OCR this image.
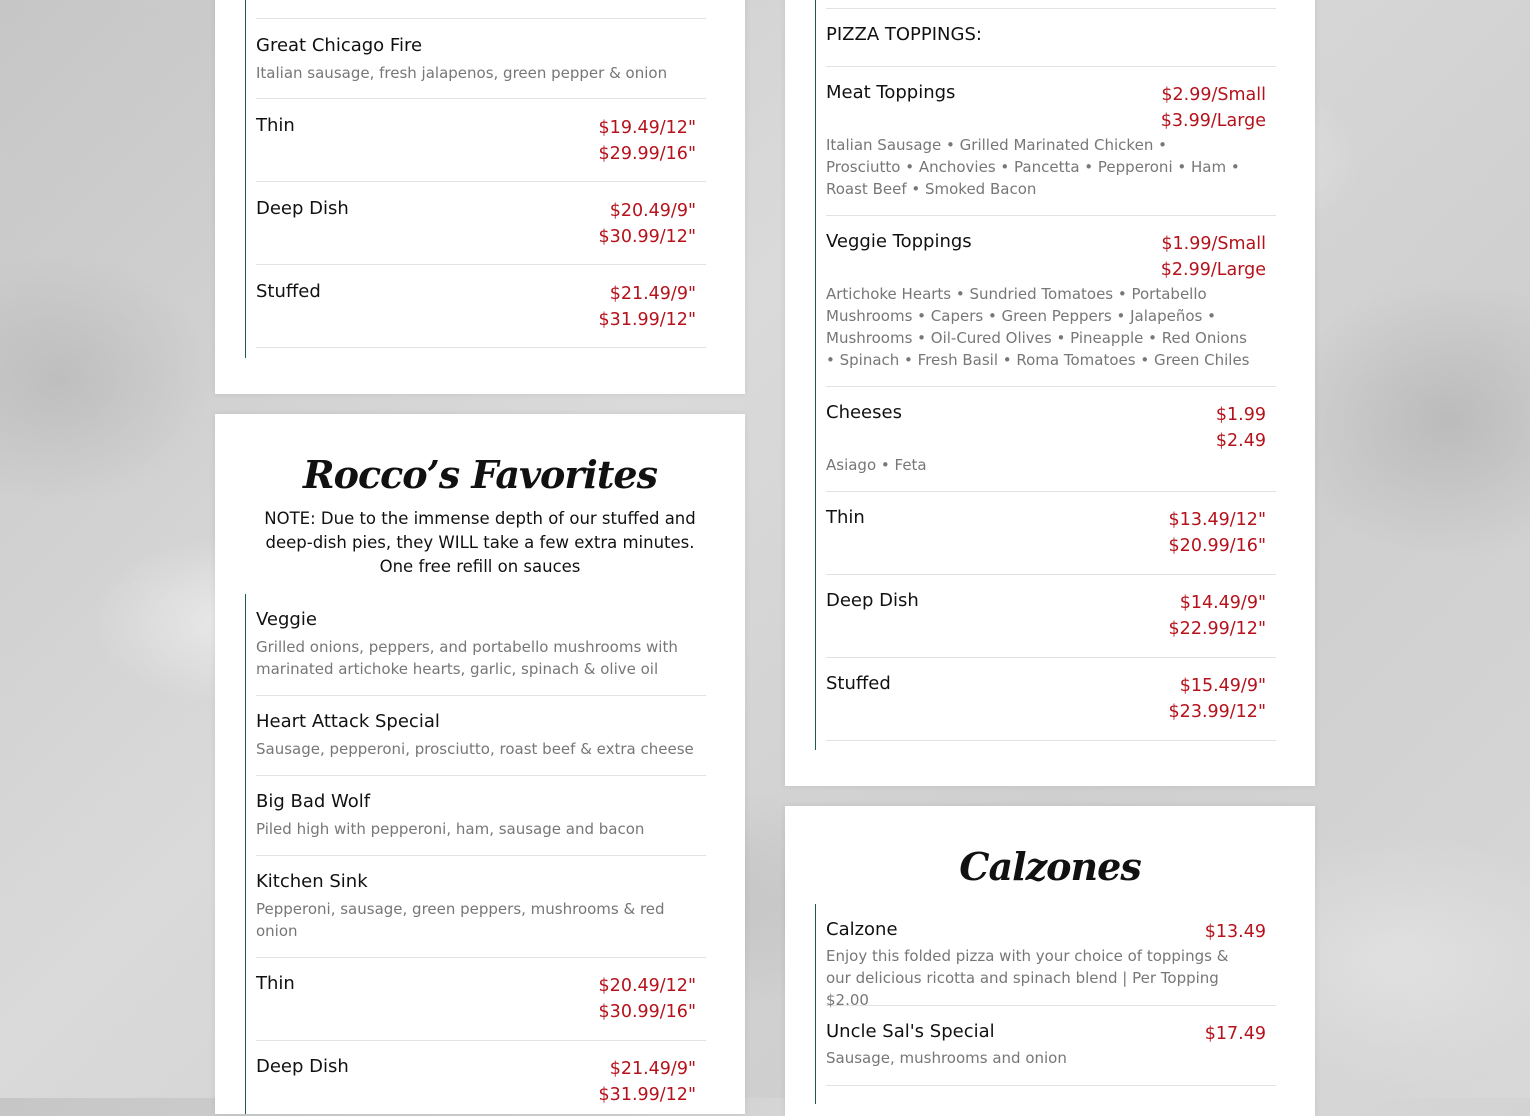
Great Chicago Fire
Italian sausage, fresh jalapenos, green pepper & onion
Thin	$19.49/12"
$29.99/16"
Deep Dish	$20.49/9"
$30.99/12"
Stuffed	$21.49/9"
$31.99/12"
Rocco’s Favorites
NOTE: Due to the immense depth of our stuffed and deep-dish pies, they WILL take a few extra minutes. One free refill on sauces
Veggie
Grilled onions, peppers, and portabello mushrooms with marinated artichoke hearts, garlic, spinach & olive oil
Heart Attack Special
Sausage, pepperoni, prosciutto, roast beef & extra cheese
Big Bad Wolf
Piled high with pepperoni, ham, sausage and bacon
Kitchen Sink
Pepperoni, sausage, green peppers, mushrooms & red onion
Thin	$20.49/12"
$30.99/16"
Deep Dish	$21.49/9"
$31.99/12"
PIZZA TOPPINGS:
Meat Toppings	$2.99/Small
$3.99/Large
Italian Sausage • Grilled Marinated Chicken • Prosciutto • Anchovies • Pancetta • Pepperoni • Ham • Roast Beef • Smoked Bacon
Veggie Toppings	$1.99/Small
$2.99/Large
Artichoke Hearts • Sundried Tomatoes • Portabello Mushrooms • Capers • Green Peppers • Jalapeños • Mushrooms • Oil-Cured Olives • Pineapple • Red Onions • Spinach • Fresh Basil • Roma Tomatoes • Green Chiles
Cheeses	$1.99
$2.49
Asiago • Feta
Thin	$13.49/12"
$20.99/16"
Deep Dish	$14.49/9"
$22.99/12"
Stuffed	$15.49/9"
$23.99/12"
Calzones
Calzone	$13.49
Enjoy this folded pizza with your choice of toppings & our delicious ricotta and spinach blend | Per Topping $2.00
Uncle Sal's Special	$17.49
Sausage, mushrooms and onion
